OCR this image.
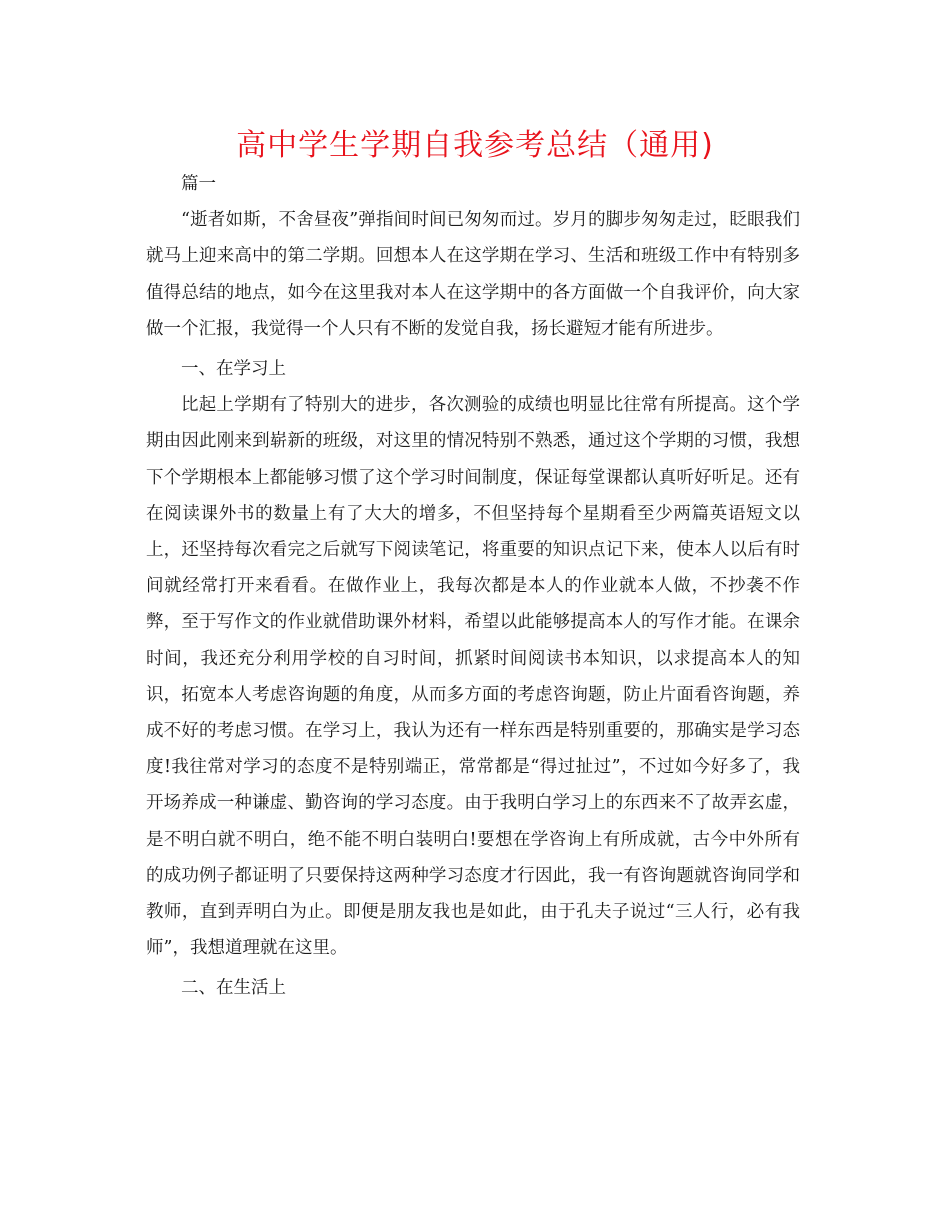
高中学生学期自我参考总结（通用)

篇一

“逝者如斯，不舍昼夜”弹指间时间已匆匆而过。岁月的脚步匆匆走过，眨眼我们就马上迎来高中的第二学期。回想本人在这学期在学习、生活和班级工作中有特别多值得总结的地点，如今在这里我对本人在这学期中的各方面做一个自我评价，向大家做一个汇报，我觉得一个人只有不断的发觉自我，扬长避短才能有所进步。

一、在学习上

比起上学期有了特别大的进步，各次测验的成绩也明显比往常有所提高。这个学期由因此刚来到崭新的班级，对这里的情况特别不熟悉，通过这个学期的习惯，我想下个学期根本上都能够习惯了这个学习时间制度，保证每堂课都认真听好听足。还有在阅读课外书的数量上有了大大的增多，不但坚持每个星期看至少两篇英语短文以上，还坚持每次看完之后就写下阅读笔记，将重要的知识点记下来，使本人以后有时间就经常打开来看看。在做作业上，我每次都是本人的作业就本人做，不抄袭不作弊，至于写作文的作业就借助课外材料，希望以此能够提高本人的写作才能。在课余时间，我还充分利用学校的自习时间，抓紧时间阅读书本知识，以求提高本人的知识，拓宽本人考虑咨询题的角度，从而多方面的考虑咨询题，防止片面看咨询题，养成不好的考虑习惯。在学习上，我认为还有一样东西是特别重要的，那确实是学习态度!我往常对学习的态度不是特别端正，常常都是“得过扯过”，不过如今好多了，我开场养成一种谦虚、勤咨询的学习态度。由于我明白学习上的东西来不了故弄玄虚，是不明白就不明白，绝不能不明白装明白!要想在学咨询上有所成就，古今中外所有的成功例子都证明了只要保持这两种学习态度才行因此，我一有咨询题就咨询同学和教师，直到弄明白为止。即便是朋友我也是如此，由于孔夫子说过“三人行，必有我师”，我想道理就在这里。

二、在生活上
